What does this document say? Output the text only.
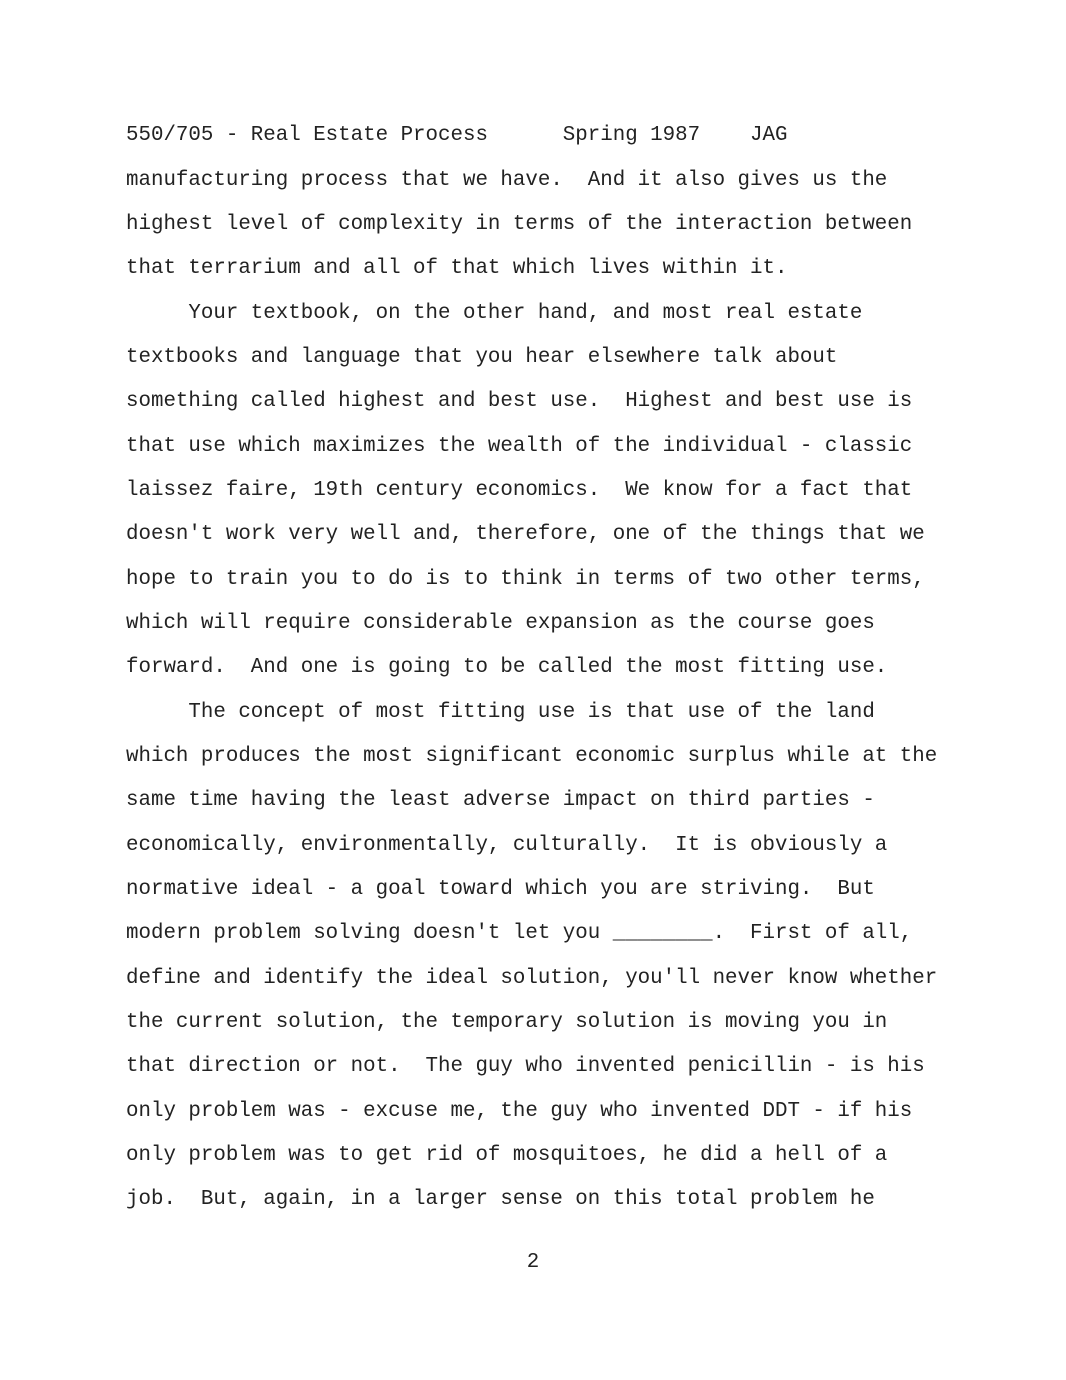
550/705 - Real Estate Process      Spring 1987    JAG

manufacturing process that we have.  And it also gives us the

highest level of complexity in terms of the interaction between

that terrarium and all of that which lives within it.

Your textbook, on the other hand, and most real estate

textbooks and language that you hear elsewhere talk about

something called highest and best use.  Highest and best use is

that use which maximizes the wealth of the individual - classic

laissez faire, 19th century economics.  We know for a fact that

doesn't work very well and, therefore, one of the things that we

hope to train you to do is to think in terms of two other terms,

which will require considerable expansion as the course goes

forward.  And one is going to be called the most fitting use.

The concept of most fitting use is that use of the land

which produces the most significant economic surplus while at the

same time having the least adverse impact on third parties -

economically, environmentally, culturally.  It is obviously a

normative ideal - a goal toward which you are striving.  But

modern problem solving doesn't let you ________.  First of all,

define and identify the ideal solution, you'll never know whether

the current solution, the temporary solution is moving you in

that direction or not.  The guy who invented penicillin - is his

only problem was - excuse me, the guy who invented DDT - if his

only problem was to get rid of mosquitoes, he did a hell of a

job.  But, again, in a larger sense on this total problem he

2
